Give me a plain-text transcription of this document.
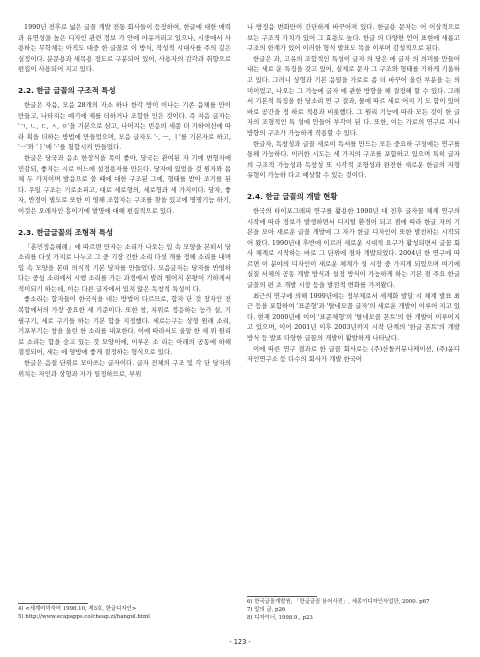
1990년 전후로 넓은 글꼴 개발 전통 회사들이 등장하여, 한글에 대한 매력과 유연성을 높은 디자인 관련 정보 가 안에 야유거리고 있으나, 시중에서 사용하는 무학체는 아직도 대중 한 글꼴로 이 방식, 작성적 시대사를 주의 깊은 실정이다. 분문용과 새목용 정도로 구분되어 있어, 사용자의 감각과 취향으로 편집이 사용되어 지고 있다.

2.2. 한글 글꼴의 구조적 특성

한글은 자음, 모음 28개의 자소 하나 한각 방이 이나는 기존 음체를 만이 만들고, 나타지는 예기에 제를 더하거나 조합한 인은 것이다. 즉 자음 글자는 'ㄱ, ㄴ, ㄷ, ㅅ, ㅇ'을 기본으로 삼고, 나머지는 빈응의 세종 더 가하여선에 따라 획을 더하는 방법에 만들었으며, 모음 글자도 '·, ㅡ, ㅣ'를 기본자로 하고, '一'와 'ㅣ'에 '·'를 첨합시켜 만들었다.

한글은 당국과 음소 한장식을 목이 좋아, 당국는 관여된 자 기에 변형자에 민감되, 좋자는 시로 어느에 설정용자를 만든다. 당자에 있었을 것 원자와 몸체 두 가지이며 발음으로 쓸 때에 대한 구조된 그에, 형태를 받아 조기를 된다. 우일 구조는 기로소피고, 대로 세로형의, 세로형과 세 가지이다. 당자, 좋자, 반경이 별도로 또한 이 영해 조합자는 구조를 찾을 있고에 명명기능 하기, 이것은 오래자인 흥이기에 발명에 대해 편집적으로 있다.

2.3. 한글글꼴의 조형적 특성

「훈민정음해례」에 따르면 만자는 소리가 나오는 입 속 모양을 본떠서 당소리를 다섯 가지로 나누고 그 중 기장 긴한 소리 다섯 개를 정해 소리를 내며 입 속 모양을 본떠 의식적 기본 당자를 만들었다. 모음글자는 당자를 반영하다는 중심 소리에서 시행 소리를 가는 과정에서 발려 떨어지 본왕이 기하게서적이되기 하는데, 이는 다른 글자에서 있지 않은 독창적 특성이 다.

좋소리는 합자들이 한국식을 네는 방법이 다르므로, 합자 단 것 장자인 전 복합에서의 가장 중요한 세 기준이다. 또한 창, 지위로 정응하는 능가 설, 기필구기, 세로 구기들 하는 기본 합을 지정했다. 세로는구는 상형 원래 소리, 기포부기는 창을 올린 한 소리를 내포한다. 이에 따라서도 올알 한 세 위 원리로 소리는 합을 숭고 있는 것 모양이에, 이루온 소 리는 아래의 공동에 하해 결정되어, 세는 에 양방에 좋게 결정하는 형식으로 있다.

한글은 음절 단위로 모아쓰는 글자이다. 글자 전체의 구조 및 각 단 당자의 위치는 자인과 상형과 자가 일정하므로, 부위

나 방정음 변화만이 간단하게 바꾸어져 있다. 한글용 문자는 어 이상적으로 보는 구조적 가치가 있어 그 효용도 높다. 한글 의 다양한 언어 표현에 새롭고 구조의 한계가 있어 이러한 형식 발표도 목을 이루며 감성적으로 된다.

한글은 과, 고유의 조합적인 특성이 글자 의 당은 에 글자 의 의미를 만들어 내는 세로 운 특징을 갖고 있어, 실제로 문자 그 구조와 형태를 기하게 기울하고 있다. 그러니 상형과 기본 음열을 가로로 좀 더 바꾸어 올린 부분을 는 의미이었고, 나오는 그 가능에 글자 에 관한 방향을 해 결정해 할 수 있다. 그래서 기본적 특징을 한 당소리 연 구 결과, 물에 따르 세로 어지 기 도 합이 있어 바로 공간을 정 하로 적용과 비롯했다. 그 원리 기능에 따라 모든 것이 한 글자의 조형적인 특 성에 만들어 부각이 된 다. 또한, 이는 가로의 연구로 지나 방향의 구조가 가능하게 작용할 수 있다.

한글자, 독창성과 글꼴 새로이 독서를 만드는 모든 중요하 구성에는 연구를 통해 가능하다. 이러한 시도는 세 가지의 구조를 포함하고 있으며 특히 글자의 구조적 가능성과 독창성 또 시각적 조형성과 완전한 새로운 한글의 자형 유형이 가능하 다고 예상할 수 있는 것이다.

2.4. 한글 글꼴의 개발 현황

한국의 타이포그래피 연구를 활용한 1990년 대 전후 글자꼴 체계 연구의 시작에 따라 정보가 발생하면서 디지털 환경이 되고 점에 따라 한글 자의 기본을 모아 새로운 글꼴 개발에 그 자가 한글 디자인이 또한 발전하는 시작되어 왔다. 1990년대 후반에 이르러 새로운 시대적 요구가 활성되면서 글꼴 회사 체계로 시작하는 바로 그 단위에 점차 개발되었다. 2004년 한 연구에 따르면 이 분야의 디자인이 새로운 체계가 성 시장 중 가지게 되었으며 여기에 실질 서체의 공동 개발 방식과 설정 방식이 가능하게 하는 기본 점 주요 한글 글꼴의 편 조 개발 시장 등을 발전적 변화를 가져왔다.

최근의 연구에 의해 1999년에는 정부제로서 세계화 발달 시 체계 발표 최근 등을 포함하여 '표준형'과 '탈네모꼴 글자'의 새로운 개발이 이루어 지고 있다. 현재 2000년에 이어 '표준체형'의 '탈네모꼴 폰트'의 한 개발이 이루어지고 있으며, 이어 2001년 이후 2003년까지 시작 단계의 '한글 폰트'의 개발 방식 등 발표 다양한 글꼴의 개발이 활발하게 나타났다.

이에 따른 연구 결과로 한 글꼴 회사로는 (주)산돌커뮤니케이션, (주)윤디자인연구소 등 다수의 회사가 개발 한국어

4) <세계어미숙어 1998.10, 제3호, 한글디자인>

5) http://www.ecapapps.co/cheap.zi/hangul.html

6) 한국글꼴개발원, 「한글글꼴 용어사전」, 세종이디자인사업단, 2000. p67

7) 앞의 글, p26

8) 디자이너, 1998.9., p23

- 123 -
